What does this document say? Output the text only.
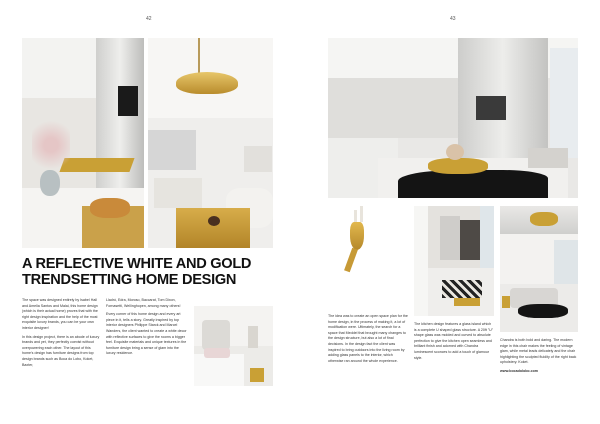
42
A REFLECTIVE WHITE AND GOLD
TRENDSETTING HOME DESIGN

The space was designed entirely by Isabel Hall and Amelia Santos and Malai, this home design (which is their actual home) proves that with the right design inspiration and the help of the most exquisite luxury brands, you can be your own interior designer!

In this design project, there is an abode of luxury brands and yet, they perfectly coexist without overpowering each other. The layout of this home's design has furniture designs from top design brands such as Boca do Lobo, Koket, Baxter,

Lladró, Edra, Moroso, Baccarat, Tom Dixon, Fornasetti, Wellinghopen, among many others!

Every corner of this home design and every art piece in it, tells a story. Greatly inspired by top interior designers Philippe Starck and Marcel Wanders, the client wanted to create a white decor with reflective surfaces to give the rooms a bigger feel. Exquisite materials and unique textures in the furniture design bring a sense of glam into the luxury residence.

43

The idea was to create an open space plan for the home design, in the process of making it, a lot of modification were. Ultimately, the search for a space that Meddel that brought many changes to the design structure, but also a lot of final decisions. In the design fact the client was inspired to bring outdoors into the living room by adding glass panels to the interior, which otherwise ran around the whole experience.

The kitchen design features a glass island which is a complete U shaped glass structure. A 20ft "U" shape glass was molded and curved to absolute perfection to give the kitchen open seamless and brilliant finish and adorned with Chandra luminescent sconces to add a touch of glamour style.

Chandra is both bold and daring. The modern edge in this chair makes the feeling of vintage glam, while metal leads delicately and the chair highlighting the sculpted fluidity of the right back upholstery. Koket.

www.bocadolobo.com
